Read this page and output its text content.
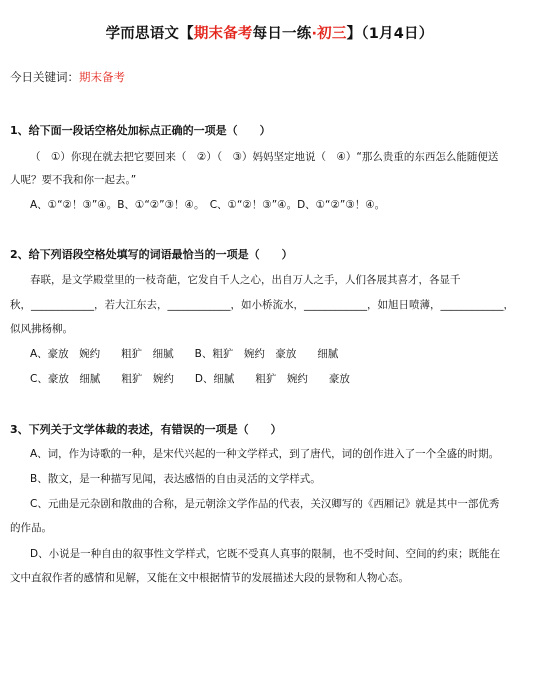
学而思语文【期末备考每日一练·初三】（1月4日）
今日关键词：期末备考
1、给下面一段话空格处加标点正确的一项是（　　）
（　①）你现在就去把它要回来（　②）（　③）妈妈坚定地说（　④）“那么贵重的东西怎么能随便送
人呢？要不我和你一起去。”
A、①“②！③”④。B、①“②”③！④。　C、①“②！③”④。D、①“②”③！④。
2、给下列语段空格处填写的词语最恰当的一项是（　　）
春联，是文学殿堂里的一枝奇葩，它发自千人之心，出自万人之手，人们各展其喜才，各显千
秋，____________，若大江东去，____________，如小桥流水，____________，如旭日喷薄，____________，
似风拂杨柳。
A、豪放　婉约　　粗犷　细腻　　B、粗犷　婉约　豪放　　细腻
C、豪放　细腻　　粗犷　婉约　　D、细腻　　粗犷　婉约　　豪放
3、下列关于文学体裁的表述，有错误的一项是（　　）
A、词，作为诗歌的一种，是宋代兴起的一种文学样式，到了唐代，词的创作进入了一个全盛的时期。
B、散文，是一种描写见闻，表达感悟的自由灵活的文学样式。
C、元曲是元杂剧和散曲的合称，是元朝涂文学作品的代表，关汉卿写的《西厢记》就是其中一部优秀
的作品。
D、小说是一种自由的叙事性文学样式，它既不受真人真事的限制，也不受时间、空间的约束；既能在
文中直叙作者的感情和见解，又能在文中根据情节的发展描述大段的景物和人物心态。
